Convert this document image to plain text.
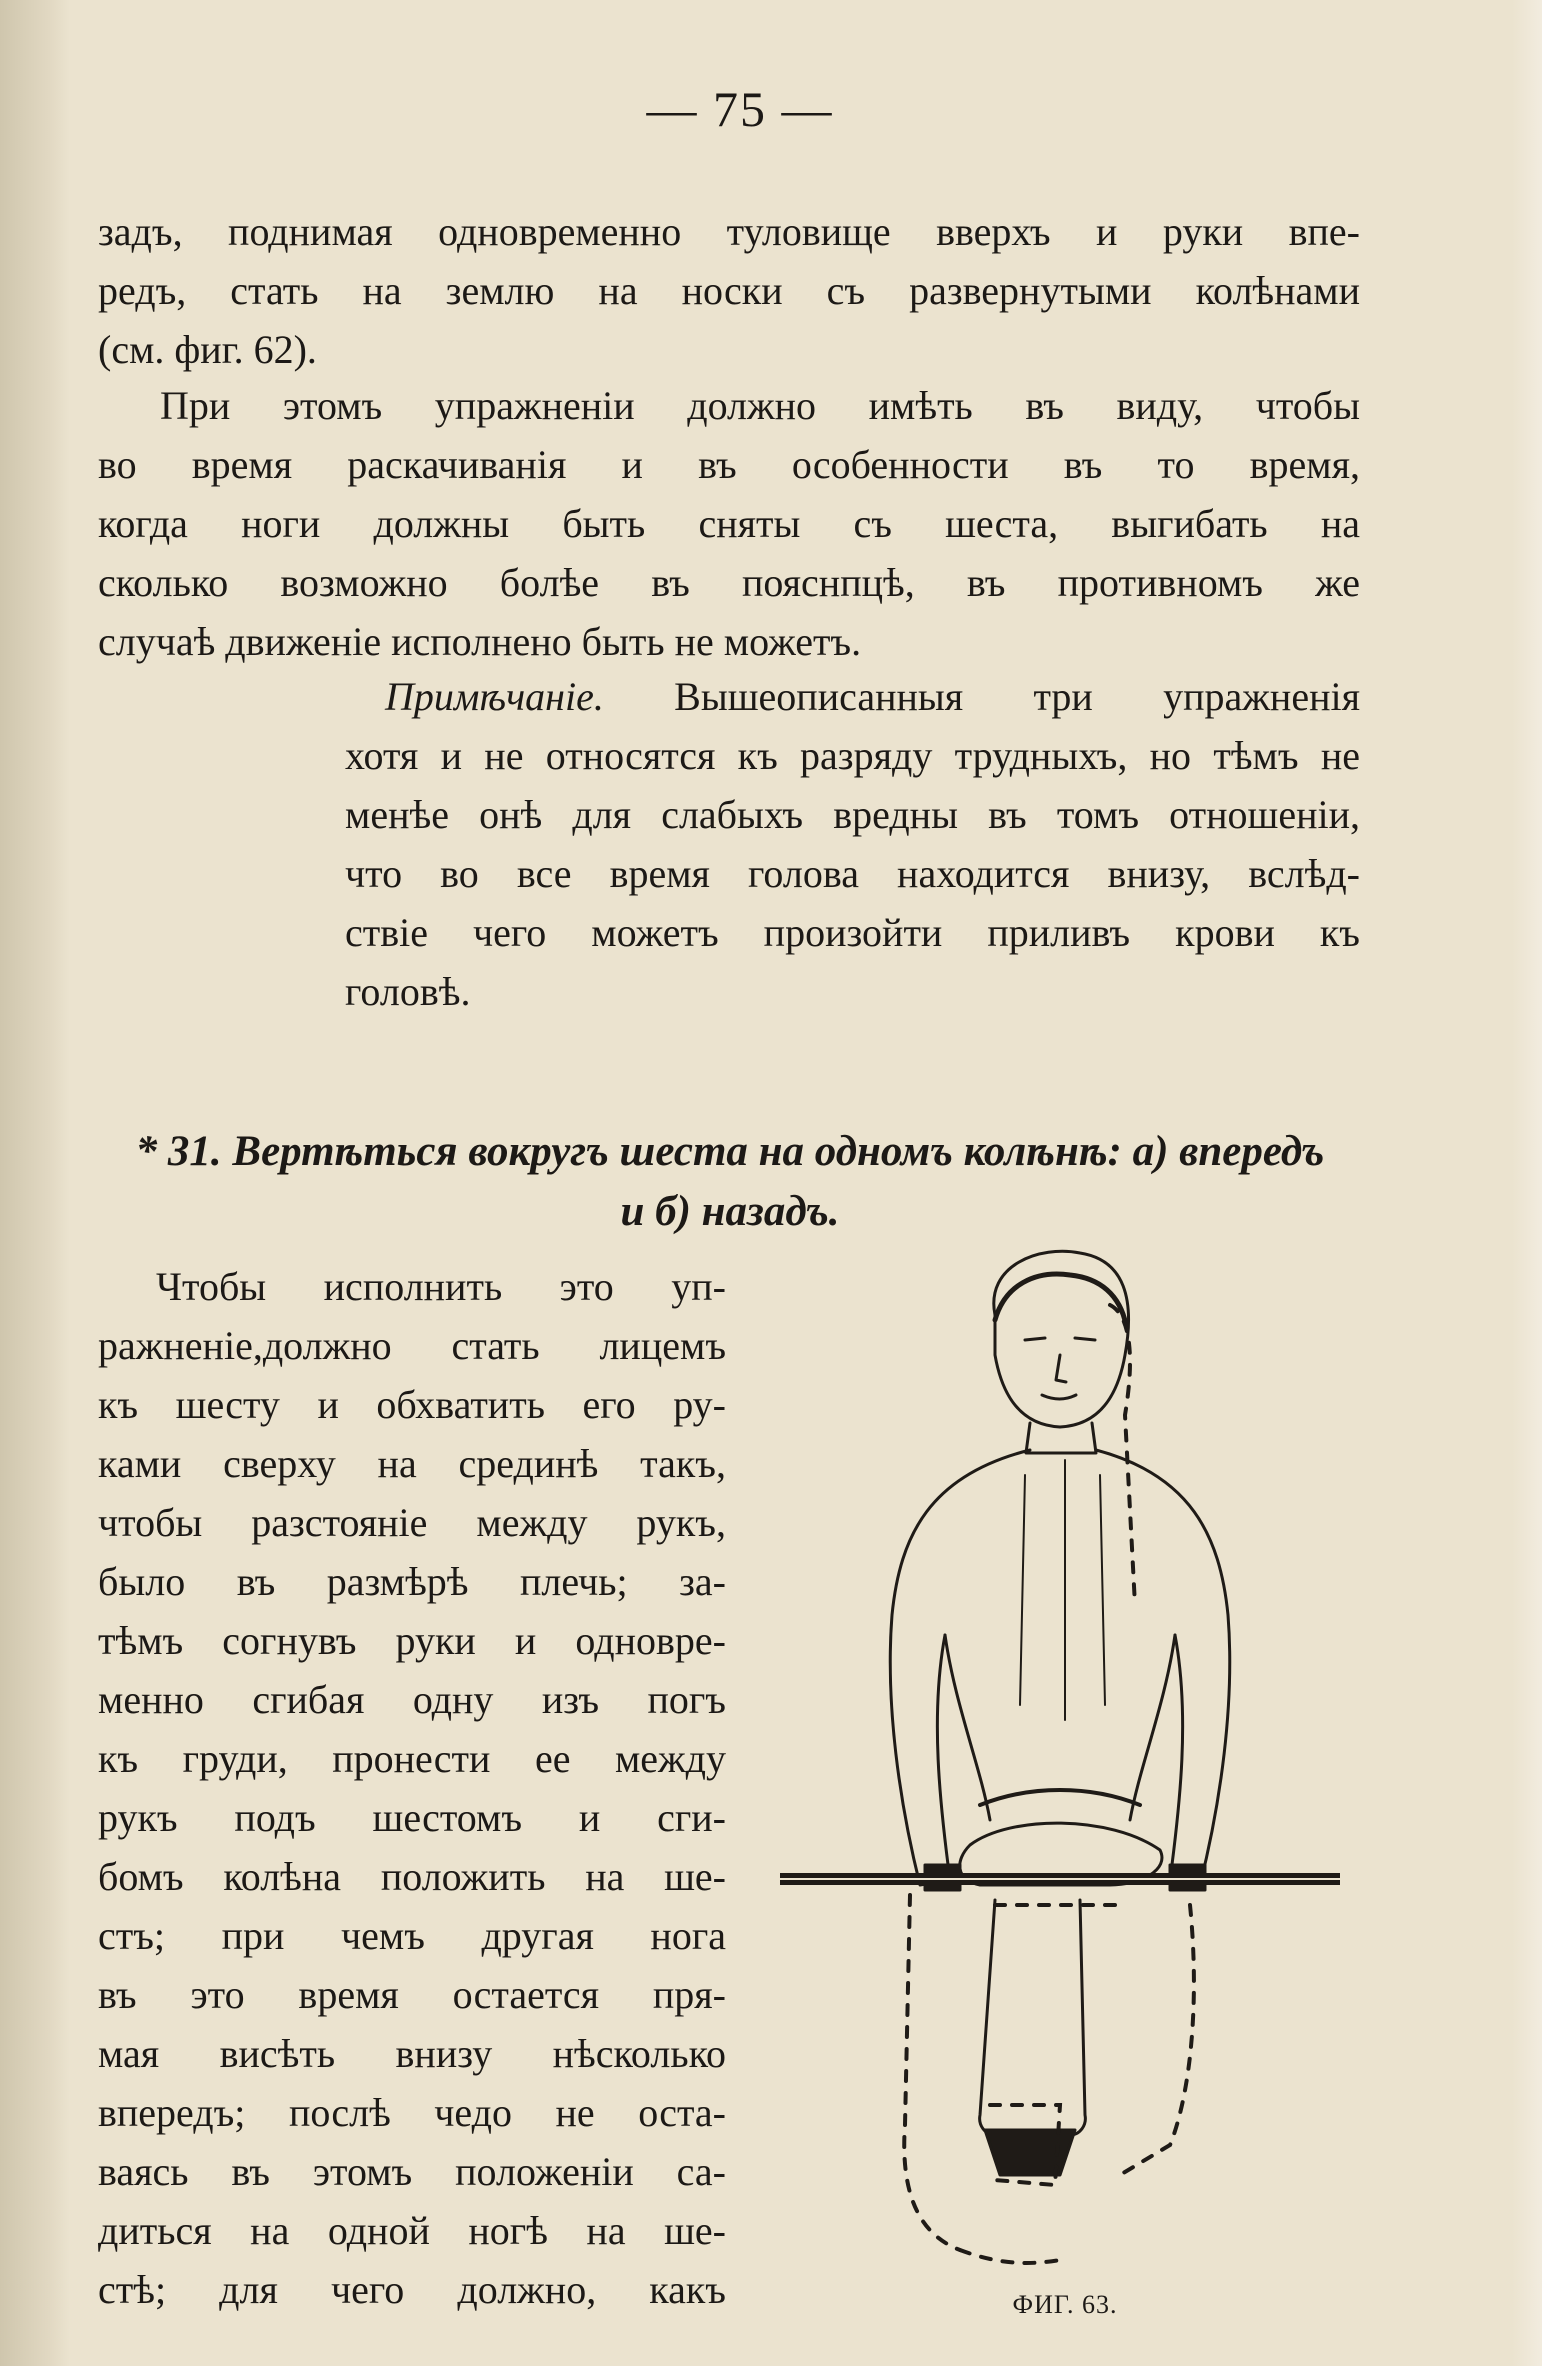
— 75 —
задъ, поднимая одновременно туловище вверхъ и руки впе-
редъ, стать на землю на носки съ развернутыми колѣнами
(см. фиг. 62).
При этомъ упражненіи должно имѣть въ виду, чтобы
во время раскачиванія и въ особенности въ то время,
когда ноги должны быть сняты съ шеста, выгибать на
сколько возможно болѣе въ пояснпцѣ, въ противномъ же
случаѣ движеніе исполнено быть не можетъ.
Примѣчаніе. Вышеописанныя три упражненія
хотя и не относятся къ разряду трудныхъ, но тѣмъ не
менѣе онѣ для слабыхъ вредны въ томъ отношеніи,
что во все время голова находится внизу, вслѣд-
ствіе чего можетъ произойти приливъ крови къ
головѣ.
* 31. Вертѣться вокругъ шеста на одномъ колѣнѣ: а) впередъ
и б) назадъ.
Чтобы исполнить это уп-
ражненіе,должно стать лицемъ
къ шесту и обхватить его ру-
ками сверху на срединѣ такъ,
чтобы разстояніе между рукъ,
было въ размѣрѣ плечь; за-
тѣмъ согнувъ руки и одновре-
менно сгибая одну изъ погъ
къ груди, пронести ее между
рукъ подъ шестомъ и сги-
бомъ колѣна положить на ше-
стъ; при чемъ другая нога
въ это время остается пря-
мая висѣть внизу нѣсколько
впередъ; послѣ чедо не оста-
ваясь въ этомъ положеніи са-
диться на одной ногѣ на ше-
стѣ; для чего должно, какъ	ФИГ. 63.
